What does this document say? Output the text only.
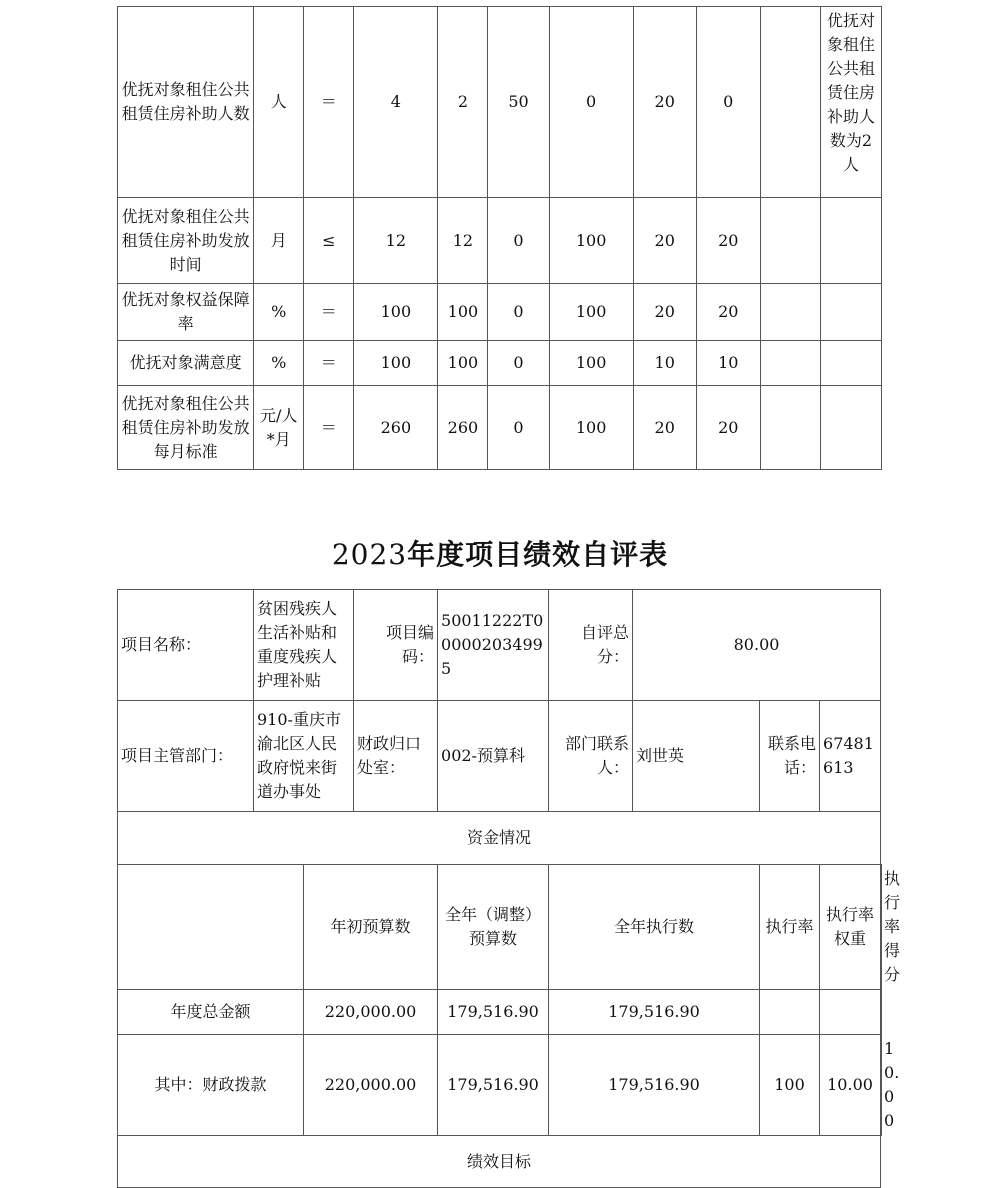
优抚对象租住公共租赁住房补助人数	人	＝	4	2	50	0	20	0		优抚对象租住公共租赁住房补助人数为2人
优抚对象租住公共租赁住房补助发放时间	月	≤	12	12	0	100	20	20		
优抚对象权益保障率	%	＝	100	100	0	100	20	20		
优抚对象满意度	%	＝	100	100	0	100	10	10		
优抚对象租住公共租赁住房补助发放每月标准	元/人*月	＝	260	260	0	100	20	20		
2023年度项目绩效自评表
项目名称：	贫困残疾人生活补贴和重度残疾人护理补贴		项目编码：	50011222T000002034995	自评总分：	80.00			
项目主管部门：	910-重庆市渝北区人民政府悦来街道办事处		财政归口处室：	002-预算科	部门联系人：	刘世英	联系电话：	67481613	
资金情况									
		年初预算数		全年（调整）预算数	全年执行数		执行率	执行率权重	执行率得分
年度总金额		220,000.00		179,516.90	179,516.90				
其中：财政拨款		220,000.00		179,516.90	179,516.90		100	10.00	10.00
绩效目标									
